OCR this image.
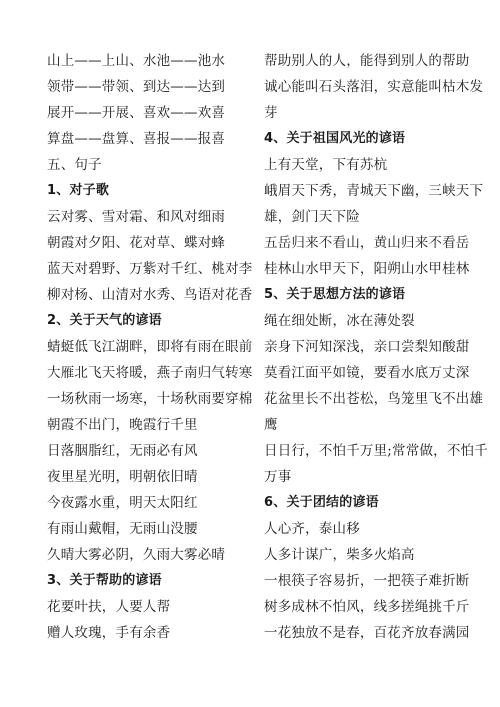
山上——上山、水池——池水
领带——带领、到达——达到
展开——开展、喜欢——欢喜
算盘——盘算、喜报——报喜
五、句子
1、对子歌
云对雾、雪对霜、和风对细雨
朝霞对夕阳、花对草、蝶对蜂
蓝天对碧野、万紫对千红、桃对李
柳对杨、山清对水秀、鸟语对花香
2、关于天气的谚语
蜻蜓低飞江湖畔，即将有雨在眼前
大雁北飞天将暖，燕子南归气转寒
一场秋雨一场寒，十场秋雨要穿棉
朝霞不出门，晚霞行千里
日落胭脂红，无雨必有风
夜里星光明，明朝依旧晴
今夜露水重，明天太阳红
有雨山戴帽，无雨山没腰
久晴大雾必阴，久雨大雾必晴
3、关于帮助的谚语
花要叶扶，人要人帮
赠人玫瑰，手有余香
帮助别人的人，能得到别人的帮助
诚心能叫石头落泪，实意能叫枯木发
芽
4、关于祖国风光的谚语
上有天堂，下有苏杭
峨眉天下秀，青城天下幽，三峡天下
雄，剑门天下险
五岳归来不看山，黄山归来不看岳
桂林山水甲天下，阳朔山水甲桂林
5、关于思想方法的谚语
绳在细处断，冰在薄处裂
亲身下河知深浅，亲口尝梨知酸甜
莫看江面平如镜，要看水底万丈深
花盆里长不出苍松，鸟笼里飞不出雄
鹰
日日行，不怕千万里;常常做，不怕千
万事
6、关于团结的谚语
人心齐，泰山移
人多计谋广，柴多火焰高
一根筷子容易折，一把筷子难折断
树多成林不怕风，线多搓绳挑千斤
一花独放不是春，百花齐放春满园
